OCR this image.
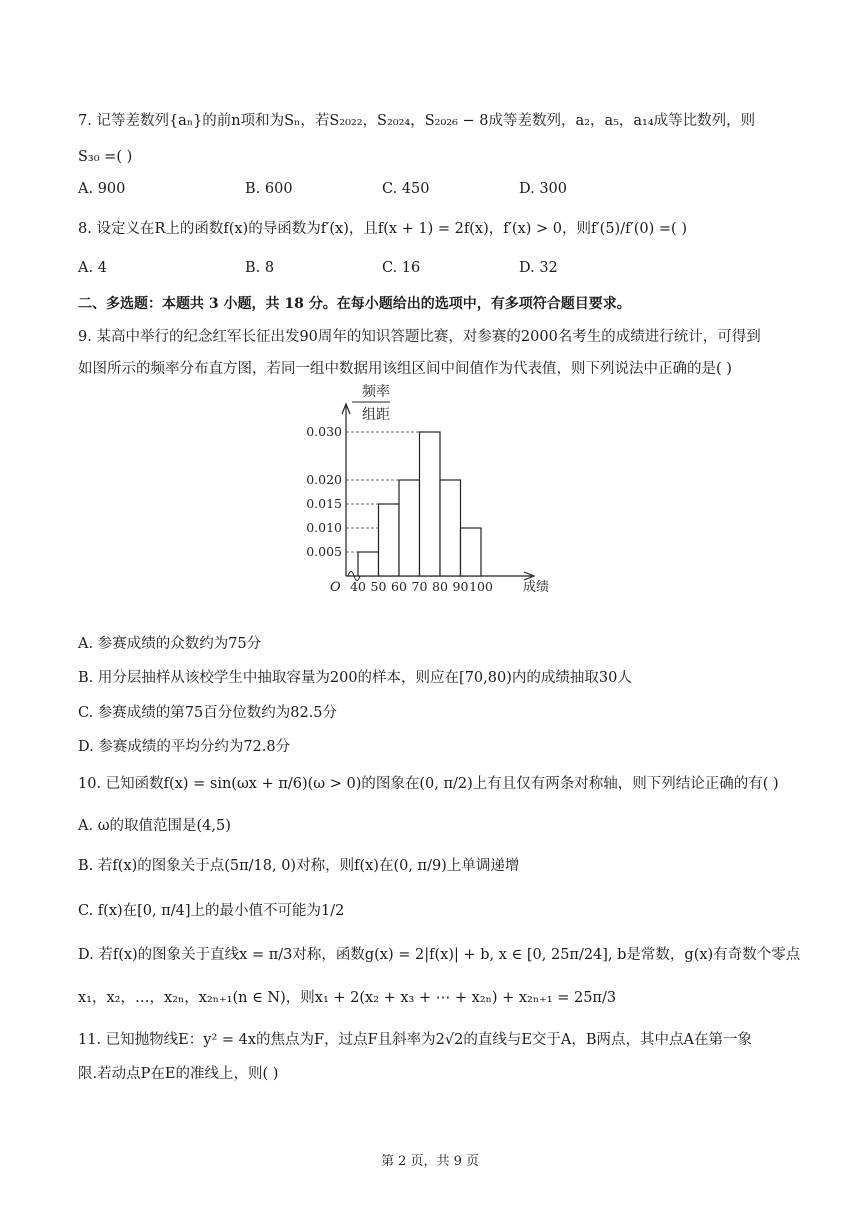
7. 记等差数列{aₙ}的前n项和为Sₙ，若S₂₀₂₂，S₂₀₂₄，S₂₀₂₆ − 8成等差数列，a₂，a₅，a₁₄成等比数列，则
S₃₀ =( )
A. 900	B. 600	C. 450	D. 300
8. 设定义在R上的函数f(x)的导函数为f′(x)，且f(x + 1) = 2f(x)，f′(x) > 0，则f′(5)/f′(0) =( )
A. 4	B. 8	C. 16	D. 32
二、多选题：本题共 3 小题，共 18 分。在每小题给出的选项中，有多项符合题目要求。
9. 某高中举行的纪念红军长征出发90周年的知识答题比赛，对参赛的2000名考生的成绩进行统计，可得到
如图所示的频率分布直方图，若同一组中数据用该组区间中间值作为代表值，则下列说法中正确的是( )
频率
组距
0.005
0.010
0.015
0.020
0.030
40 50 60 70 80 90 100
O	成绩
A. 参赛成绩的众数约为75分
B. 用分层抽样从该校学生中抽取容量为200的样本，则应在[70,80)内的成绩抽取30人
C. 参赛成绩的第75百分位数约为82.5分
D. 参赛成绩的平均分约为72.8分
10. 已知函数f(x) = sin(ωx + π/6)(ω > 0)的图象在(0, π/2)上有且仅有两条对称轴，则下列结论正确的有( )
A. ω的取值范围是(4,5)
B. 若f(x)的图象关于点(5π/18, 0)对称，则f(x)在(0, π/9)上单调递增
C. f(x)在[0, π/4]上的最小值不可能为1/2
D. 若f(x)的图象关于直线x = π/3对称，函数g(x) = 2|f(x)| + b, x ∈ [0, 25π/24], b是常数，g(x)有奇数个零点
x₁，x₂，…，x₂ₙ，x₂ₙ₊₁(n ∈ N)，则x₁ + 2(x₂ + x₃ + ⋯ + x₂ₙ) + x₂ₙ₊₁ = 25π/3
11. 已知抛物线E：y² = 4x的焦点为F，过点F且斜率为2√2的直线与E交于A，B两点，其中点A在第一象
限.若动点P在E的准线上，则( )
第 2 页，共 9 页
